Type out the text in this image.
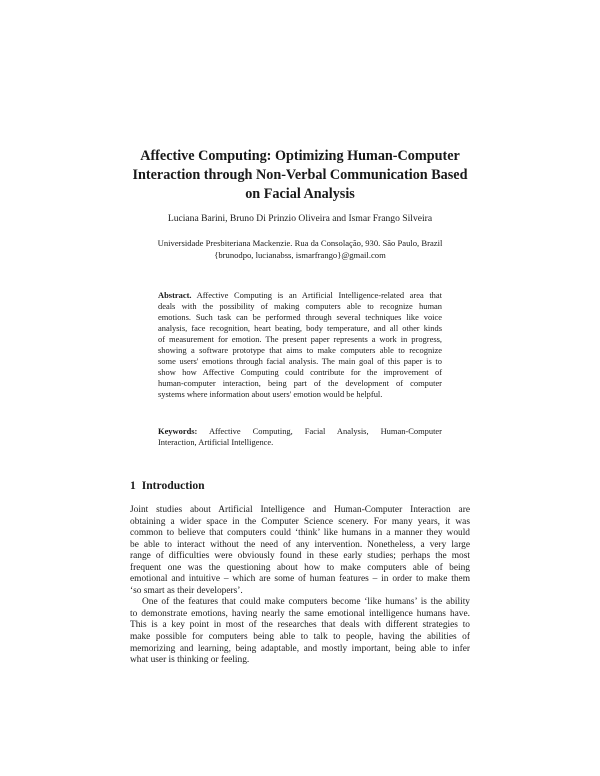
Affective Computing: Optimizing Human-Computer
Interaction through Non-Verbal Communication Based
on Facial Analysis
Luciana Barini, Bruno Di Prinzio Oliveira and Ismar Frango Silveira
Universidade Presbiteriana Mackenzie. Rua da Consolação, 930. São Paulo, Brazil
{brunodpo, lucianabss, ismarfrango}@gmail.com
Abstract. Affective Computing is an Artificial Intelligence-related area that
deals with the possibility of making computers able to recognize human
emotions. Such task can be performed through several techniques like voice
analysis, face recognition, heart beating, body temperature, and all other kinds
of measurement for emotion. The present paper represents a work in progress,
showing a software prototype that aims to make computers able to recognize
some users' emotions through facial analysis. The main goal of this paper is to
show how Affective Computing could contribute for the improvement of
human-computer interaction, being part of the development of computer
systems where information about users' emotion would be helpful.
Keywords: Affective Computing, Facial Analysis, Human-Computer
Interaction, Artificial Intelligence.
1 Introduction
Joint studies about Artificial Intelligence and Human-Computer Interaction are
obtaining a wider space in the Computer Science scenery. For many years, it was
common to believe that computers could ‘think’ like humans in a manner they would
be able to interact without the need of any intervention. Nonetheless, a very large
range of difficulties were obviously found in these early studies; perhaps the most
frequent one was the questioning about how to make computers able of being
emotional and intuitive – which are some of human features – in order to make them
‘so smart as their developers’.
One of the features that could make computers become ‘like humans’ is the ability
to demonstrate emotions, having nearly the same emotional intelligence humans have.
This is a key point in most of the researches that deals with different strategies to
make possible for computers being able to talk to people, having the abilities of
memorizing and learning, being adaptable, and mostly important, being able to infer
what user is thinking or feeling.
